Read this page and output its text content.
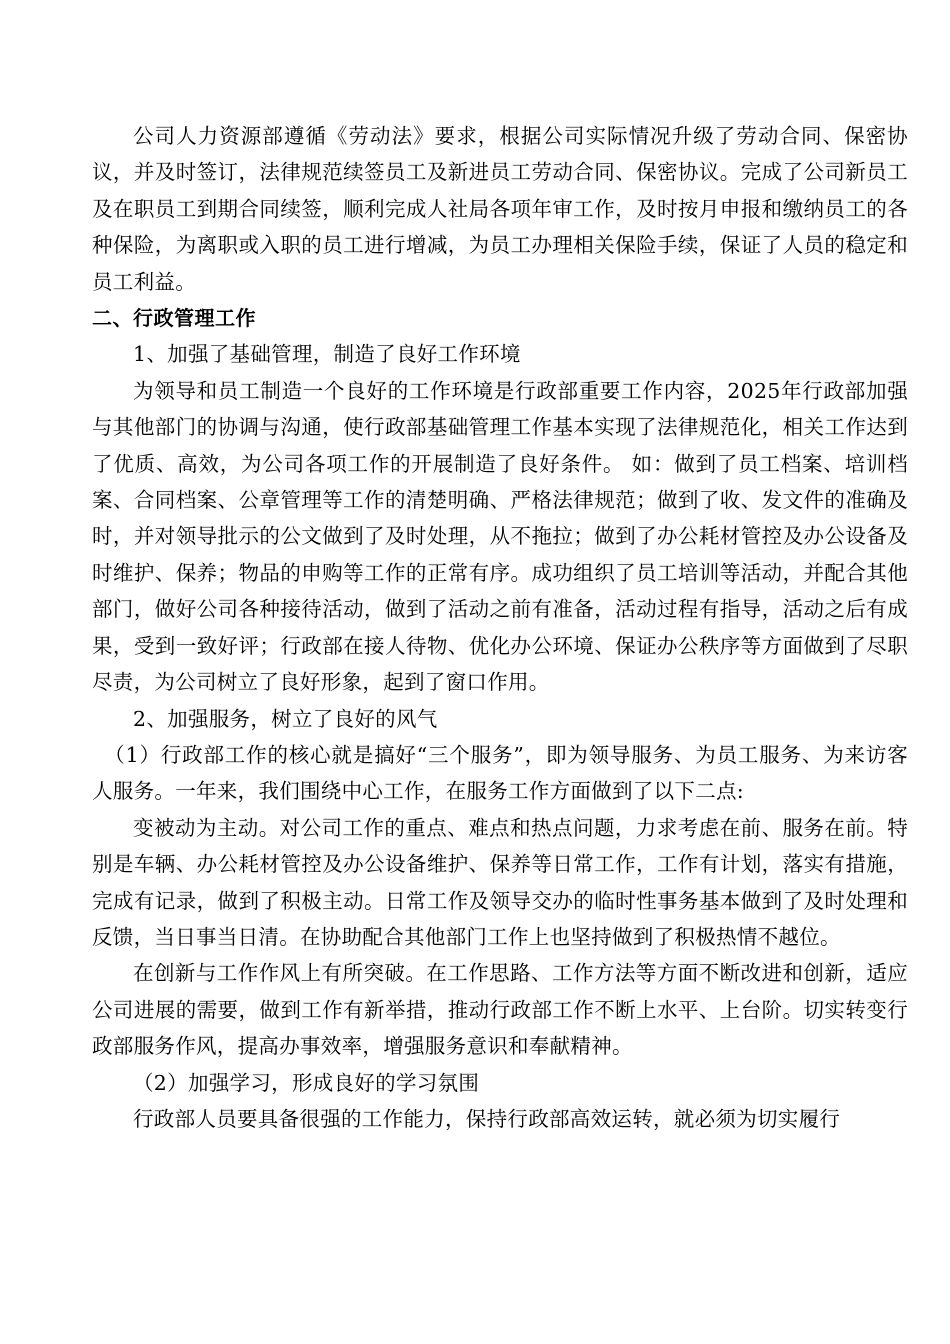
公司人力资源部遵循《劳动法》要求，根据公司实际情况升级了劳动合同、保密协议，并及时签订，法律规范续签员工及新进员工劳动合同、保密协议。完成了公司新员工及在职员工到期合同续签，顺利完成人社局各项年审工作，及时按月申报和缴纳员工的各种保险，为离职或入职的员工进行增减，为员工办理相关保险手续，保证了人员的稳定和员工利益。

二、行政管理工作

1、加强了基础管理，制造了良好工作环境

为领导和员工制造一个良好的工作环境是行政部重要工作内容，2025年行政部加强与其他部门的协调与沟通，使行政部基础管理工作基本实现了法律规范化，相关工作达到了优质、高效，为公司各项工作的开展制造了良好条件。 如：做到了员工档案、培训档案、合同档案、公章管理等工作的清楚明确、严格法律规范；做到了收、发文件的准确及时，并对领导批示的公文做到了及时处理，从不拖拉；做到了办公耗材管控及办公设备及时维护、保养；物品的申购等工作的正常有序。成功组织了员工培训等活动，并配合其他部门，做好公司各种接待活动，做到了活动之前有准备，活动过程有指导，活动之后有成果，受到一致好评；行政部在接人待物、优化办公环境、保证办公秩序等方面做到了尽职尽责，为公司树立了良好形象，起到了窗口作用。

2、加强服务，树立了良好的风气

（1）行政部工作的核心就是搞好“三个服务”，即为领导服务、为员工服务、为来访客人服务。一年来，我们围绕中心工作，在服务工作方面做到了以下二点:

变被动为主动。对公司工作的重点、难点和热点问题，力求考虑在前、服务在前。特别是车辆、办公耗材管控及办公设备维护、保养等日常工作，工作有计划，落实有措施，完成有记录，做到了积极主动。日常工作及领导交办的临时性事务基本做到了及时处理和反馈，当日事当日清。在协助配合其他部门工作上也坚持做到了积极热情不越位。

在创新与工作作风上有所突破。在工作思路、工作方法等方面不断改进和创新，适应公司进展的需要，做到工作有新举措，推动行政部工作不断上水平、上台阶。切实转变行政部服务作风，提高办事效率，增强服务意识和奉献精神。

（2）加强学习，形成良好的学习氛围

行政部人员要具备很强的工作能力，保持行政部高效运转，就必须为切实履行
